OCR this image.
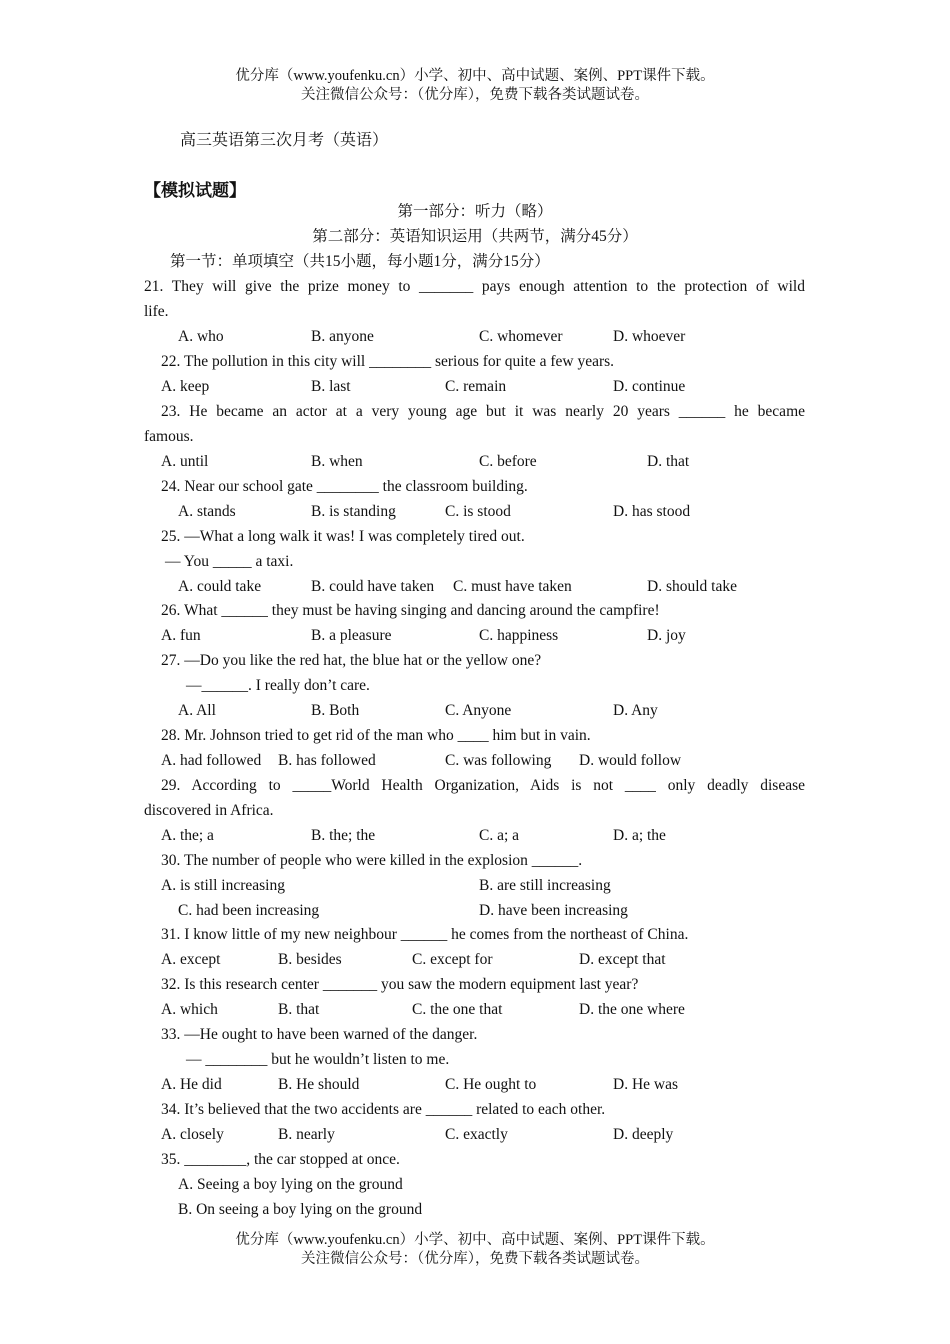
优分库（www.youfenku.cn）小学、初中、高中试题、案例、PPT课件下载。
关注微信公众号：（优分库），免费下载各类试题试卷。
高三英语第三次月考（英语）
【模拟试题】
第一部分：听力（略）
第二部分：英语知识运用（共两节，满分45分）
第一节：单项填空（共15小题，每小题1分，满分15分）
21. They will give the prize money to _______ pays enough attention to the protection of wild
life.
A. who	B. anyone	C. whomever	D. whoever
22. The pollution in this city will ________ serious for quite a few years.
A. keep	B. last	C. remain	D. continue
23. He became an actor at a very young age but it was nearly 20 years ______ he became
famous.
A. until	B. when	C. before	D. that
24. Near our school gate ________ the classroom building.
A. stands	B. is standing	C. is stood	D. has stood
25. —What a long walk it was! I was completely tired out.
— You _____ a taxi.
A. could take	B. could have taken C. must have taken	D. should take
26. What ______ they must be having singing and dancing around the campfire!
A. fun	B. a pleasure	C. happiness	D. joy
27. —Do you like the red hat, the blue hat or the yellow one?
—______. I really don’t care.
A. All	B. Both	C. Anyone	D. Any
28. Mr. Johnson tried to get rid of the man who ____ him but in vain.
A. had followed B. has followed	C. was following D. would follow
29. According to _____World Health Organization, Aids is not ____ only deadly disease
discovered in Africa.
A. the; a	B. the; the	C. a; a	D. a; the
30. The number of people who were killed in the explosion ______.
A. is still increasing	B. are still increasing
C. had been increasing	D. have been increasing
31. I know little of my new neighbour ______ he comes from the northeast of China.
A. except	B. besides	C. except for	D. except that
32. Is this research center _______ you saw the modern equipment last year?
A. which	B. that	C. the one that	D. the one where
33. —He ought to have been warned of the danger.
— ________ but he wouldn’t listen to me.
A. He did	B. He should	C. He ought to	D. He was
34. It’s believed that the two accidents are ______ related to each other.
A. closely	B. nearly	C. exactly	D. deeply
35. ________, the car stopped at once.
A. Seeing a boy lying on the ground
B. On seeing a boy lying on the ground
优分库（www.youfenku.cn）小学、初中、高中试题、案例、PPT课件下载。
关注微信公众号：（优分库），免费下载各类试题试卷。
